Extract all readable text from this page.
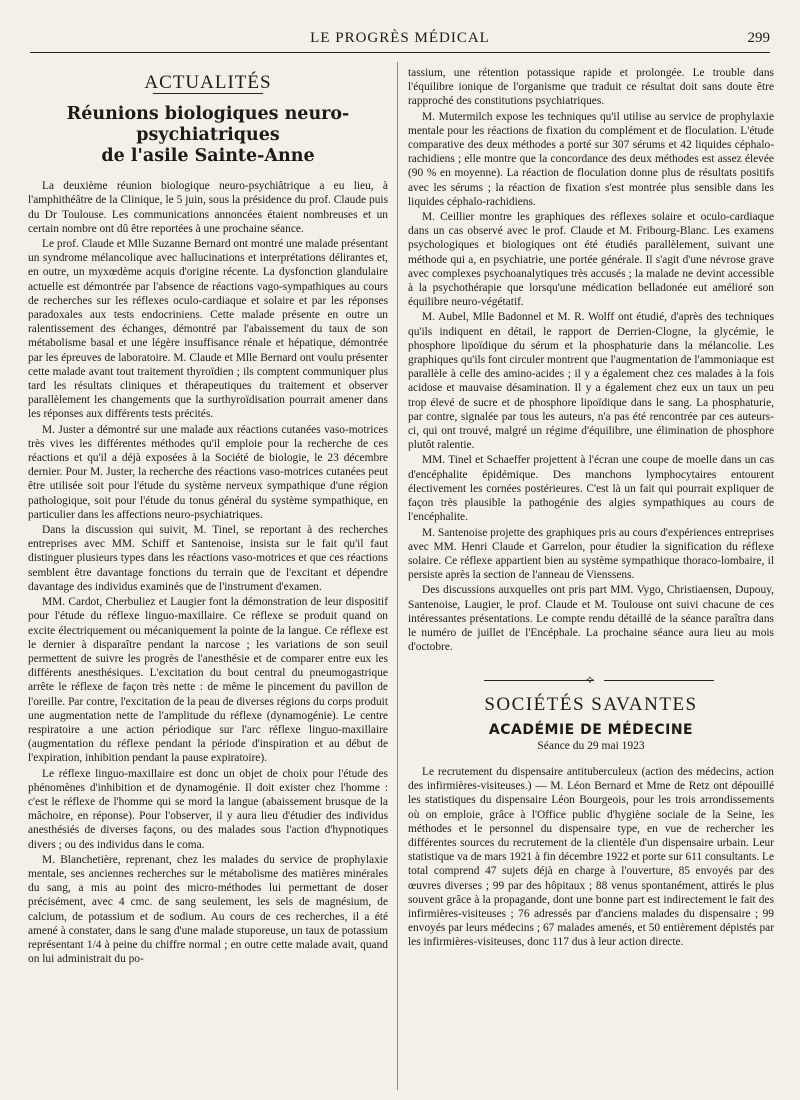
LE PROGRÈS MÉDICAL	299
ACTUALITÉS
Réunions biologiques neuro-psychiatriques
de l'asile Sainte-Anne

La deuxième réunion biologique neuro-psychiâtrique a eu lieu, à l'amphithéâtre de la Clinique, le 5 juin, sous la présidence du prof. Claude puis du Dr Toulouse. Les communications annoncées étaient nombreuses et un certain nombre ont dû être reportées à une prochaine séance.

Le prof. Claude et Mlle Suzanne Bernard ont montré une malade présentant un syndrome mélancolique avec hallucinations et interprétations délirantes et, en outre, un myxœdème acquis d'origine récente. La dysfonction glandulaire actuelle est démontrée par l'absence de réactions vago-sympathiques au cours de recherches sur les réflexes oculo-cardiaque et solaire et par les réponses paradoxales aux tests endocriniens. Cette malade présente en outre un ralentissement des échanges, démontré par l'abaissement du taux de son métabolisme basal et une légère insuffisance rénale et hépatique, démontrée par les épreuves de laboratoire. M. Claude et Mlle Bernard ont voulu présenter cette malade avant tout traitement thyroïdien ; ils comptent communiquer plus tard les résultats cliniques et thérapeutiques du traitement et observer parallèlement les changements que la surthyroïdisation pourrait amener dans les réponses aux différents tests précités.

M. Juster a démontré sur une malade aux réactions cutanées vaso-motrices très vives les différentes méthodes qu'il emploie pour la recherche de ces réactions et qu'il a déjà exposées à la Société de biologie, le 23 décembre dernier. Pour M. Juster, la recherche des réactions vaso-motrices cutanées peut être utilisée soit pour l'étude du système nerveux sympathique d'une région pathologique, soit pour l'étude du tonus général du système sympathique, en particulier dans les affections neuro-psychiatriques.

Dans la discussion qui suivit, M. Tinel, se reportant à des recherches entreprises avec MM. Schiff et Santenoise, insista sur le fait qu'il faut distinguer plusieurs types dans les réactions vaso-motrices et que ces réactions semblent être davantage fonctions du terrain que de l'excitant et dépendre davantage des individus examinés que de l'instrument d'examen.

MM. Cardot, Cherbuliez et Laugier font la démonstration de leur dispositif pour l'étude du réflexe linguo-maxillaire. Ce réflexe se produit quand on excite électriquement ou mécaniquement la pointe de la langue. Ce réflexe est le dernier à disparaître pendant la narcose ; les variations de son seuil permettent de suivre les progrès de l'anesthésie et de comparer entre eux les différents anesthésiques. L'excitation du bout central du pneumogastrique arrête le réflexe de façon très nette : de même le pincement du pavillon de l'oreille. Par contre, l'excitation de la peau de diverses régions du corps produit une augmentation nette de l'amplitude du réflexe (dynamogénie). Le centre respiratoire a une action périodique sur l'arc réflexe linguo-maxillaire (augmentation du réflexe pendant la période d'inspiration et au début de l'expiration, inhibition pendant la pause expiratoire).

Le réflexe linguo-maxillaire est donc un objet de choix pour l'étude des phénomènes d'inhibition et de dynamogénie. Il doit exister chez l'homme : c'est le réflexe de l'homme qui se mord la langue (abaissement brusque de la mâchoire, en réponse). Pour l'observer, il y aura lieu d'étudier des individus anesthésiés de diverses façons, ou des malades sous l'action d'hypnotiques divers ; ou des individus dans le coma.

M. Blanchetière, reprenant, chez les malades du service de prophylaxie mentale, ses anciennes recherches sur le métabolisme des matières minérales du sang, a mis au point des micro-méthodes lui permettant de doser précisément, avec 4 cmc. de sang seulement, les sels de magnésium, de calcium, de potassium et de sodium. Au cours de ces recherches, il a été amené à constater, dans le sang d'une malade stuporeuse, un taux de potassium représentant 1/4 à peine du chiffre normal ; en outre cette malade avait, quand on lui administrait du po-

tassium, une rétention potassique rapide et prolongée. Le trouble dans l'équilibre ionique de l'organisme que traduit ce résultat doit sans doute être rapproché des constitutions psychiatriques.

M. Mutermilch expose les techniques qu'il utilise au service de prophylaxie mentale pour les réactions de fixation du complément et de floculation. L'étude comparative des deux méthodes a porté sur 307 sérums et 42 liquides céphalo-rachidiens ; elle montre que la concordance des deux méthodes est assez élevée (90 % en moyenne). La réaction de floculation donne plus de résultats positifs avec les sérums ; la réaction de fixation s'est montrée plus sensible dans les liquides céphalo-rachidiens.

M. Ceillier montre les graphiques des réflexes solaire et oculo-cardiaque dans un cas observé avec le prof. Claude et M. Fribourg-Blanc. Les examens psychologiques et biologiques ont été étudiés parallèlement, suivant une méthode qui a, en psychiatrie, une portée générale. Il s'agit d'une névrose grave avec complexes psychoanalytiques très accusés ; la malade ne devint accessible à la psychothérapie que lorsqu'une médication belladonée eut amélioré son équilibre neuro-végétatif.

M. Aubel, Mlle Badonnel et M. R. Wolff ont étudié, d'après des techniques qu'ils indiquent en détail, le rapport de Derrien-Clogne, la glycémie, le phosphore lipoïdique du sérum et la phosphaturie dans la mélancolie. Les graphiques qu'ils font circuler montrent que l'augmentation de l'ammoniaque est parallèle à celle des amino-acides ; il y a également chez ces malades à la fois acidose et mauvaise désamination. Il y a également chez eux un taux un peu trop élevé de sucre et de phosphore lipoïdique dans le sang. La phosphaturie, par contre, signalée par tous les auteurs, n'a pas été rencontrée par ces auteurs-ci, qui ont trouvé, malgré un régime d'équilibre, une élimination de phosphore plutôt ralentie.

MM. Tinel et Schaeffer projettent à l'écran une coupe de moelle dans un cas d'encéphalite épidémique. Des manchons lymphocytaires entourent électivement les cornées postérieures. C'est là un fait qui pourrait expliquer de façon très plausible la pathogénie des algies sympathiques au cours de l'encéphalite.

M. Santenoise projette des graphiques pris au cours d'expériences entreprises avec MM. Henri Claude et Garrelon, pour étudier la signification du réflexe solaire. Ce réflexe appartient bien au système sympathique thoraco-lombaire, il persiste après la section de l'anneau de Vienssens.

Des discussions auxquelles ont pris part MM. Vygo, Christiaensen, Dupouy, Santenoise, Laugier, le prof. Claude et M. Toulouse ont suivi chacune de ces intéressantes présentations. Le compte rendu détaillé de la séance paraîtra dans le numéro de juillet de l'Encéphale. La prochaine séance aura lieu au mois d'octobre.

⟡
SOCIÉTÉS SAVANTES
ACADÉMIE DE MÉDECINE
Séance du 29 mai 1923

Le recrutement du dispensaire antituberculeux (action des médecins, action des infirmières-visiteuses.) — M. Léon Bernard et Mme de Retz ont dépouillé les statistiques du dispensaire Léon Bourgeois, pour les trois arrondissements où on emploie, grâce à l'Office public d'hygiène sociale de la Seine, les méthodes et le personnel du dispensaire type, en vue de rechercher les différentes sources du recrutement de la clientèle d'un dispensaire urbain. Leur statistique va de mars 1921 à fin décembre 1922 et porte sur 611 consultants. Le total comprend 47 sujets déjà en charge à l'ouverture, 85 envoyés par des œuvres diverses ; 99 par des hôpitaux ; 88 venus spontanément, attirés le plus souvent grâce à la propagande, dont une bonne part est indirectement le fait des infirmières-visiteuses ; 76 adressés par d'anciens malades du dispensaire ; 99 envoyés par leurs médecins ; 67 malades amenés, et 50 entièrement dépistés par les infirmières-visiteuses, donc 117 dus à leur action directe.
